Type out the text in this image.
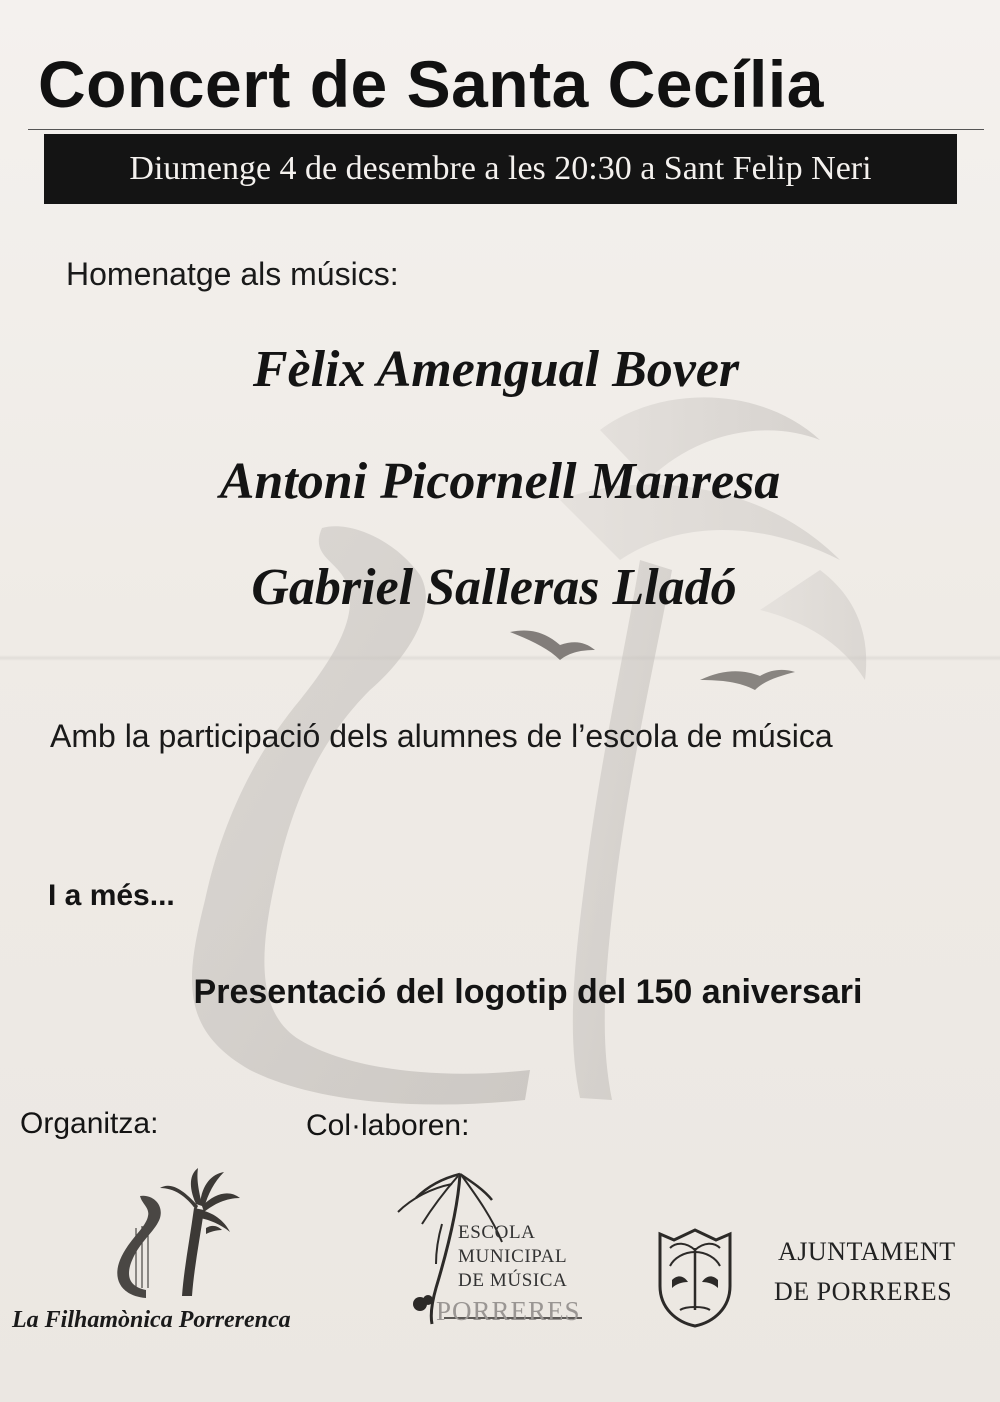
Concert de Santa Cecília
Diumenge 4 de desembre a les 20:30 a Sant Felip Neri
Homenatge als músics:
Fèlix Amengual Bover
Antoni Picornell Manresa
Gabriel Salleras Lladó
Amb la participació dels alumnes de l’escola de música
I a més...
Presentació del logotip del 150 aniversari
Organitza:	Col·laboren:
La Filhamònica Porrerenca
ESCOLA
MUNICIPAL
DE MÚSICA
PORRERES
AJUNTAMENT
DE PORRERES
